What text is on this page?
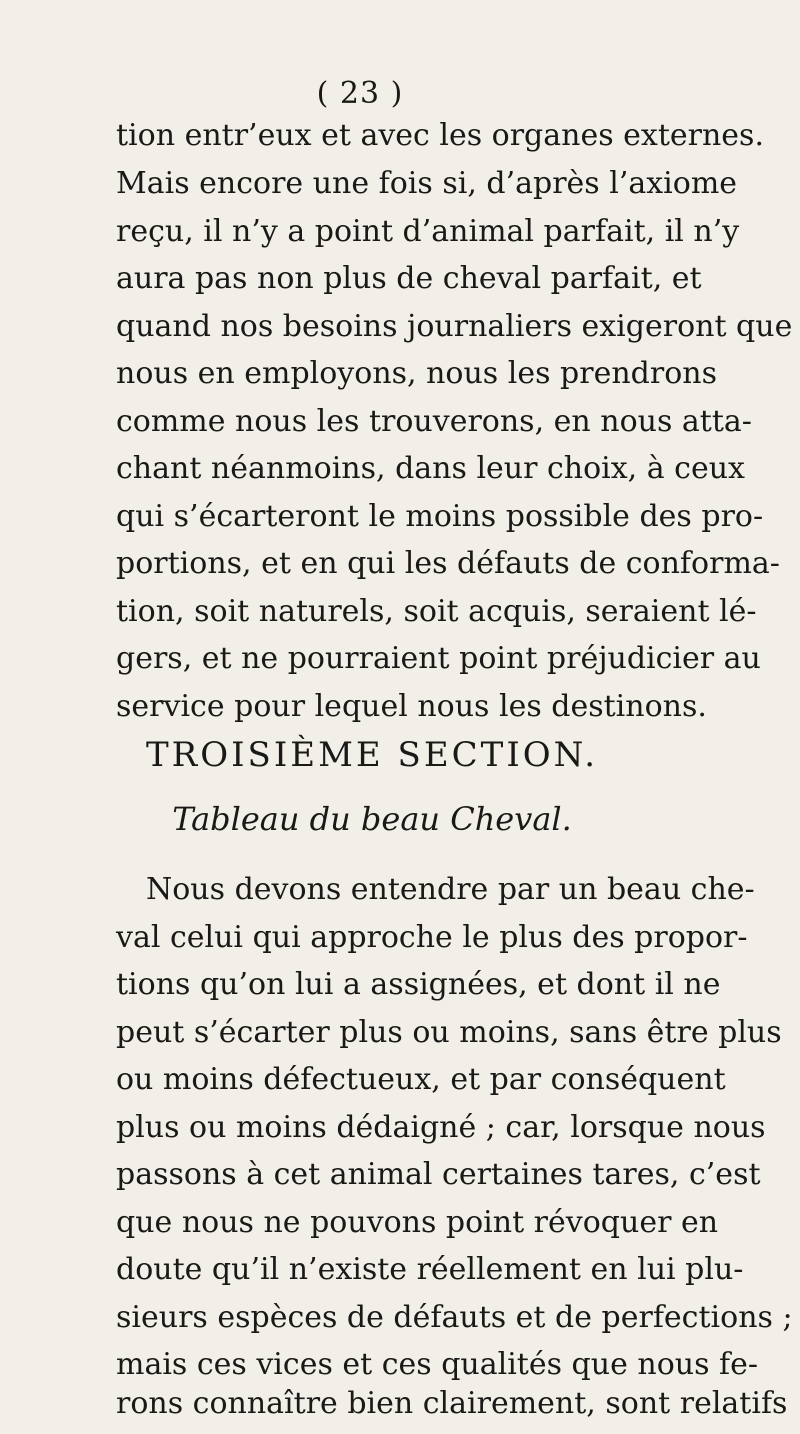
( 23 )
tion entr’eux et avec les organes externes.
Mais encore une fois si, d’après l’axiome
reçu, il n’y a point d’animal parfait, il n’y
aura pas non plus de cheval parfait, et
quand nos besoins journaliers exigeront que
nous en employons, nous les prendrons
comme nous les trouverons, en nous atta-
chant néanmoins, dans leur choix, à ceux
qui s’écarteront le moins possible des pro-
portions, et en qui les défauts de conforma-
tion, soit naturels, soit acquis, seraient lé-
gers, et ne pourraient point préjudicier au
service pour lequel nous les destinons.
TROISIÈME SECTION.
Tableau du beau Cheval.
Nous devons entendre par un beau che-
val celui qui approche le plus des propor-
tions qu’on lui a assignées, et dont il ne
peut s’écarter plus ou moins, sans être plus
ou moins défectueux, et par conséquent
plus ou moins dédaigné ; car, lorsque nous
passons à cet animal certaines tares, c’est
que nous ne pouvons point révoquer en
doute qu’il n’existe réellement en lui plu-
sieurs espèces de défauts et de perfections ;
mais ces vices et ces qualités que nous fe-
rons connaître bien clairement, sont relatifs
